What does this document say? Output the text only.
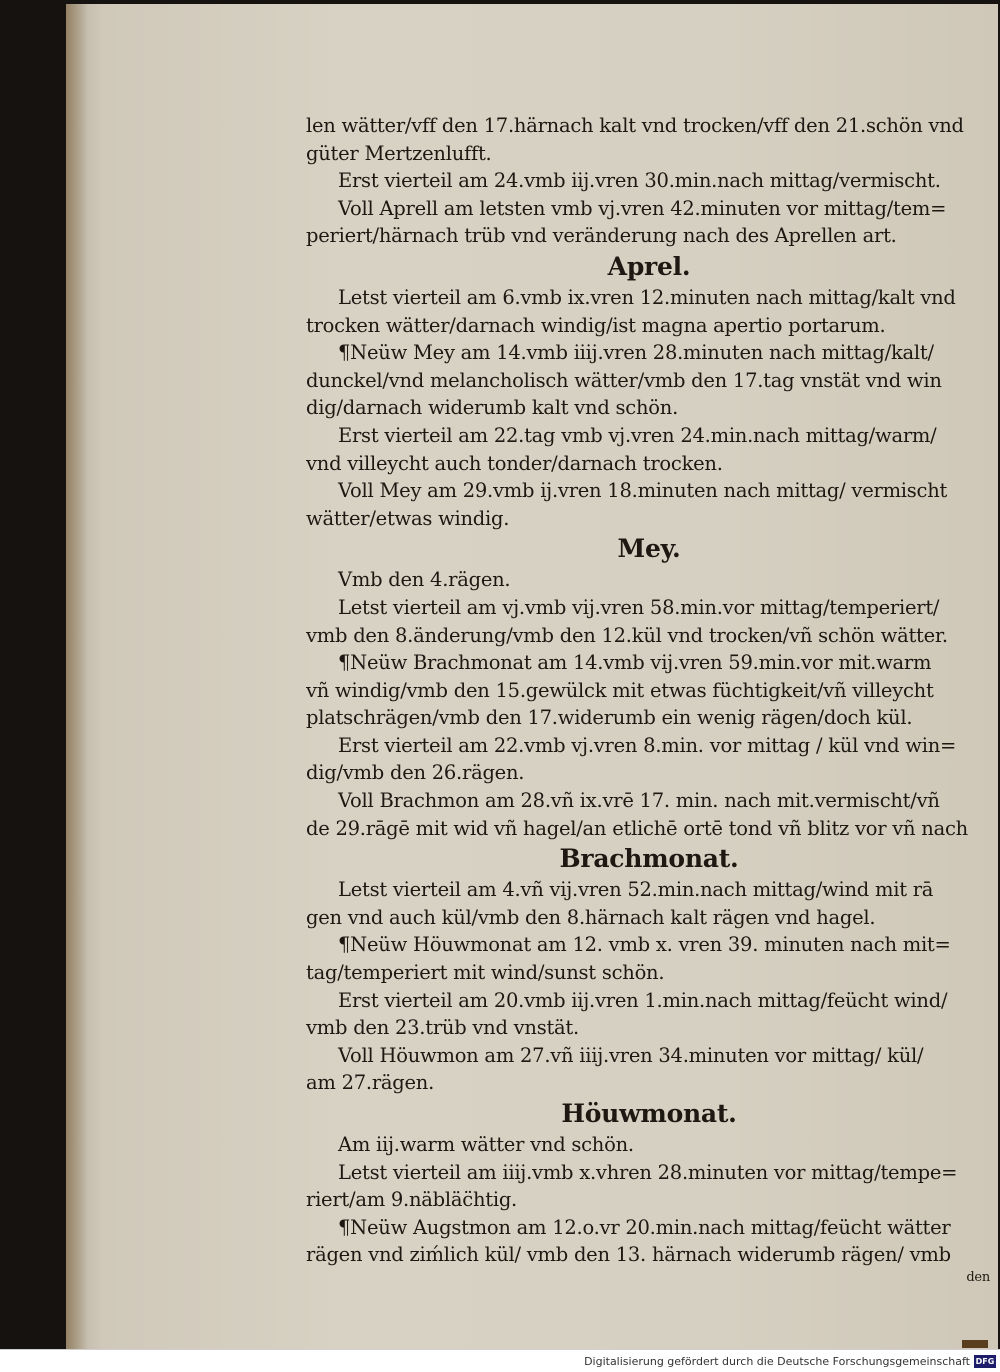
len wätter/vff den 17.härnach kalt vnd trocken/vff den 21.schön vnd
güter Mertzenlufft.
Erst vierteil am 24.vmb iij.vren 30.min.nach mittag/vermischt.
Voll Aprell am letsten vmb vj.vren 42.minuten vor mittag/tem=
periert/härnach trüb vnd veränderung nach des Aprellen art.
Aprel.
Letst vierteil am 6.vmb ix.vren 12.minuten nach mittag/kalt vnd
trocken wätter/darnach windig/ist magna apertio portarum.
¶Neüw Mey am 14.vmb iiij.vren 28.minuten nach mittag/kalt/
dunckel/vnd melancholisch wätter/vmb den 17.tag vnstät vnd win
dig/darnach widerumb kalt vnd schön.
Erst vierteil am 22.tag vmb vj.vren 24.min.nach mittag/warm/
vnd villeycht auch tonder/darnach trocken.
Voll Mey am 29.vmb ij.vren 18.minuten nach mittag/ vermischt
wätter/etwas windig.
Mey.
Vmb den 4.rägen.
Letst vierteil am vj.vmb vij.vren 58.min.vor mittag/temperiert/
vmb den 8.änderung/vmb den 12.kül vnd trocken/vñ schön wätter.
¶Neüw Brachmonat am 14.vmb vij.vren 59.min.vor mit.warm
vñ windig/vmb den 15.gewülck mit etwas füchtigkeit/vñ villeycht
platschrägen/vmb den 17.widerumb ein wenig rägen/doch kül.
Erst vierteil am 22.vmb vj.vren 8.min. vor mittag / kül vnd win=
dig/vmb den 26.rägen.
Voll Brachmon am 28.vñ ix.vrē 17. min. nach mit.vermischt/vñ
de 29.rāgē mit wid vñ hagel/an etlichē ortē tond vñ blitz vor vñ nach
Brachmonat.
Letst vierteil am 4.vñ vij.vren 52.min.nach mittag/wind mit rā
gen vnd auch kül/vmb den 8.härnach kalt rägen vnd hagel.
¶Neüw Höuwmonat am 12. vmb x. vren 39. minuten nach mit=
tag/temperiert mit wind/sunst schön.
Erst vierteil am 20.vmb iij.vren 1.min.nach mittag/feücht wind/
vmb den 23.trüb vnd vnstät.
Voll Höuwmon am 27.vñ iiij.vren 34.minuten vor mittag/ kül/
am 27.rägen.
Höuwmonat.
Am iij.warm wätter vnd schön.
Letst vierteil am iiij.vmb x.vhren 28.minuten vor mittag/tempe=
riert/am 9.näbläc̈htig.
¶Neüw Augstmon am 12.o.vr 20.min.nach mittag/feücht wätter
rägen vnd ziḿlich kül/ vmb den 13. härnach widerumb rägen/ vmb
den
Digitalisierung gefördert durch die Deutsche Forschungsgemeinschaft DFG
